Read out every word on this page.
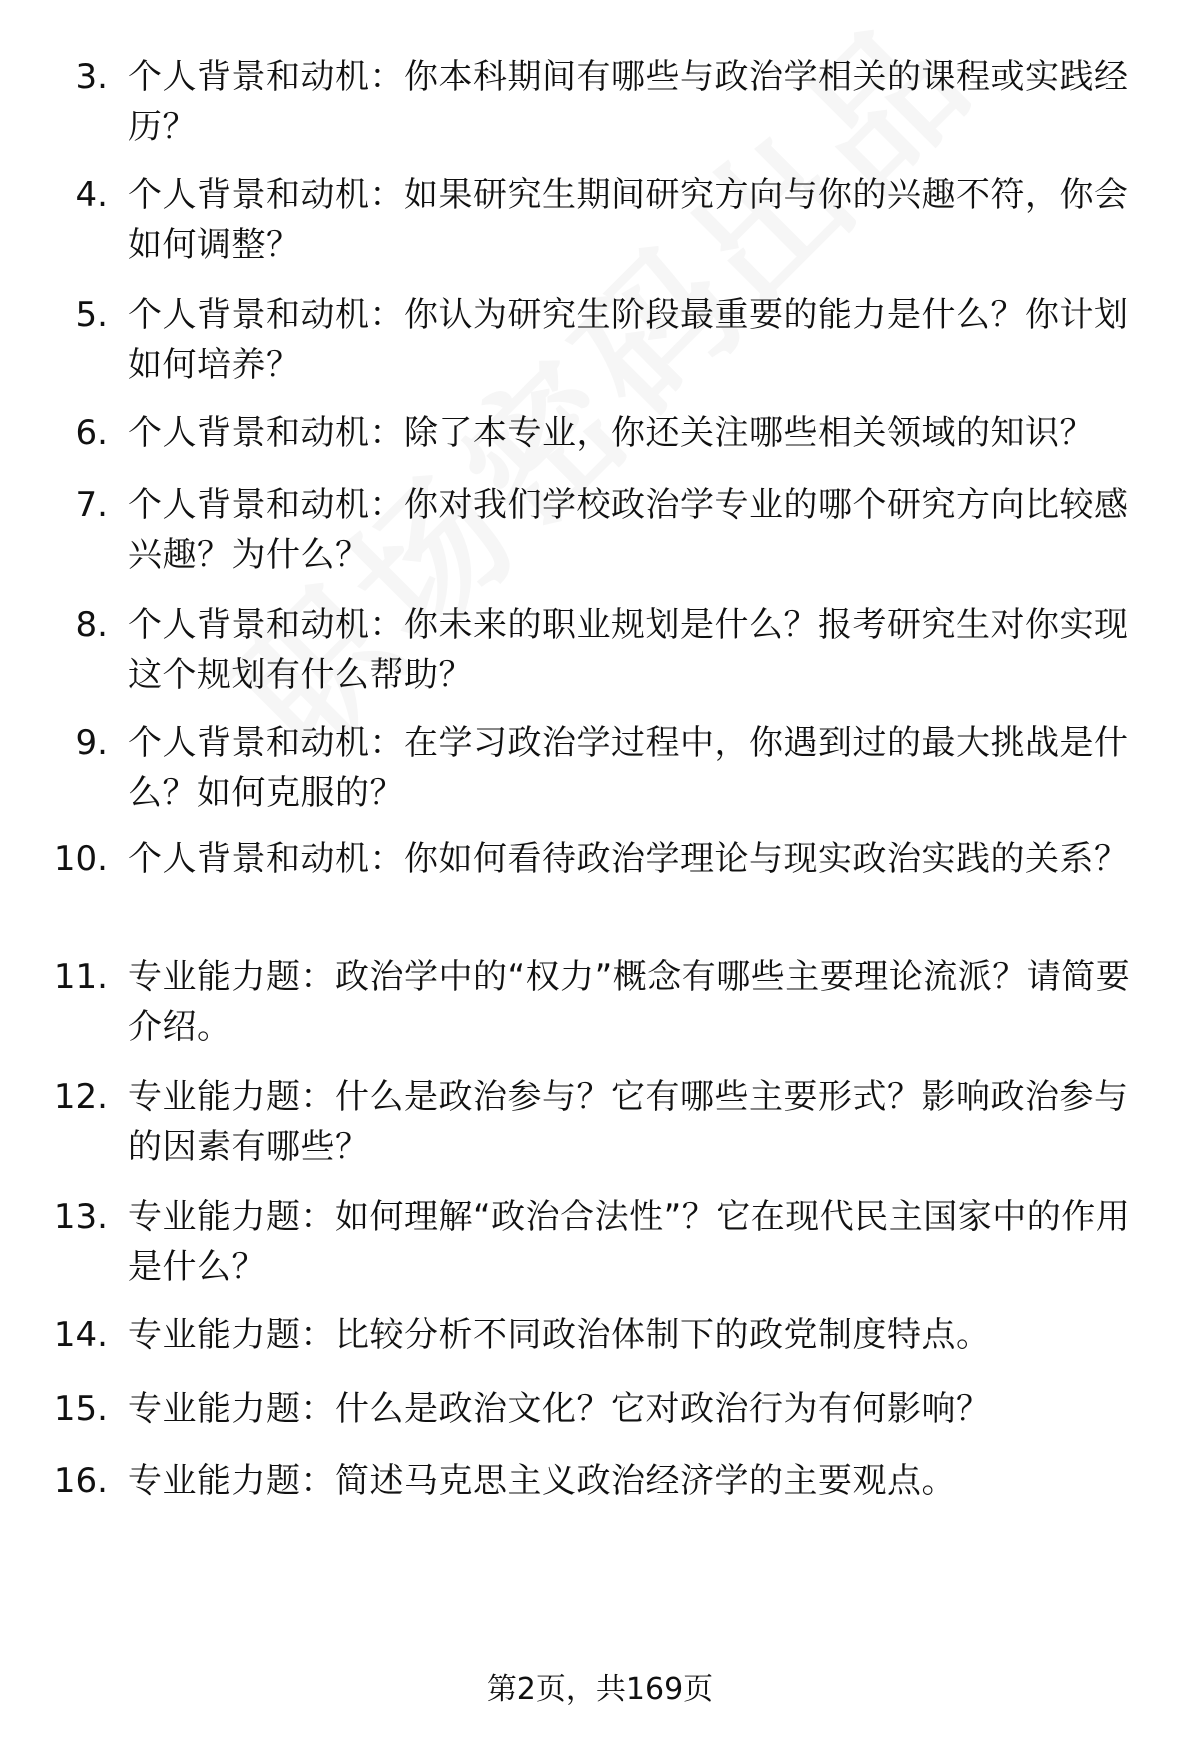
3. 个人背景和动机：你本科期间有哪些与政治学相关的课程或实践经历？
4. 个人背景和动机：如果研究生期间研究方向与你的兴趣不符，你会如何调整？
5. 个人背景和动机：你认为研究生阶段最重要的能力是什么？你计划如何培养？
6. 个人背景和动机：除了本专业，你还关注哪些相关领域的知识？
7. 个人背景和动机：你对我们学校政治学专业的哪个研究方向比较感兴趣？为什么？
8. 个人背景和动机：你未来的职业规划是什么？报考研究生对你实现这个规划有什么帮助？
9. 个人背景和动机：在学习政治学过程中，你遇到过的最大挑战是什么？如何克服的？
10. 个人背景和动机：你如何看待政治学理论与现实政治实践的关系？
11. 专业能力题：政治学中的“权力”概念有哪些主要理论流派？请简要介绍。
12. 专业能力题：什么是政治参与？它有哪些主要形式？影响政治参与的因素有哪些？
13. 专业能力题：如何理解“政治合法性”？它在现代民主国家中的作用是什么？
14. 专业能力题：比较分析不同政治体制下的政党制度特点。
15. 专业能力题：什么是政治文化？它对政治行为有何影响？
16. 专业能力题：简述马克思主义政治经济学的主要观点。
第2页，共169页
